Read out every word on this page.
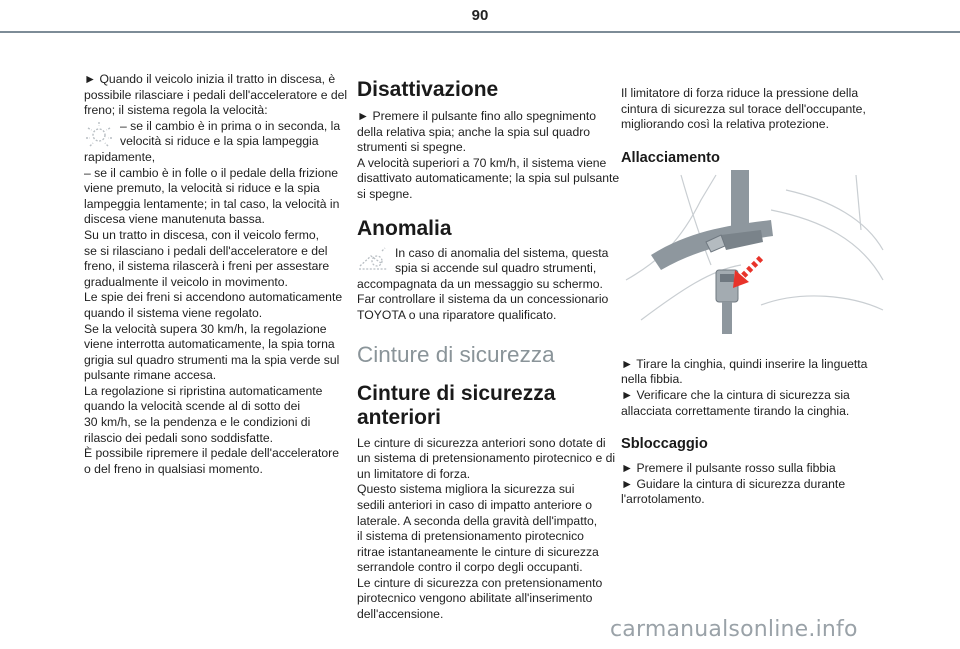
90

► Quando il veicolo inizia il tratto in discesa, è
possibile rilasciare i pedali dell'acceleratore e del
freno; il sistema regola la velocità:

– se il cambio è in prima o in seconda, la
velocità si riduce e la spia lampeggia

rapidamente,
– se il cambio è in folle o il pedale della frizione
viene premuto, la velocità si riduce e la spia
lampeggia lentamente; in tal caso, la velocità in
discesa viene manutenuta bassa.
Su un tratto in discesa, con il veicolo fermo,
se si rilasciano i pedali dell'acceleratore e del
freno, il sistema rilascerà i freni per assestare
gradualmente il veicolo in movimento.
Le spie dei freni si accendono automaticamente
quando il sistema viene regolato.
Se la velocità supera 30 km/h, la regolazione
viene interrotta automaticamente, la spia torna
grigia sul quadro strumenti ma la spia verde sul
pulsante rimane accesa.
La regolazione si ripristina automaticamente
quando la velocità scende al di sotto dei
30 km/h, se la pendenza e le condizioni di
rilascio dei pedali sono soddisfatte.
È possibile ripremere il pedale dell'acceleratore
o del freno in qualsiasi momento.

Disattivazione

► Premere il pulsante fino allo spegnimento
della relativa spia; anche la spia sul quadro
strumenti si spegne.
A velocità superiori a 70 km/h, il sistema viene
disattivato automaticamente; la spia sul pulsante
si spegne.

Anomalia

In caso di anomalia del sistema, questa
spia si accende sul quadro strumenti,

accompagnata da un messaggio su schermo.
Far controllare il sistema da un concessionario
TOYOTA o una riparatore qualificato.

Cinture di sicurezza
Cinture di sicurezza
anteriori

Le cinture di sicurezza anteriori sono dotate di
un sistema di pretensionamento pirotecnico e di
un limitatore di forza.
Questo sistema migliora la sicurezza sui
sedili anteriori in caso di impatto anteriore o
laterale. A seconda della gravità dell'impatto,
il sistema di pretensionamento pirotecnico
ritrae istantaneamente le cinture di sicurezza
serrandole contro il corpo degli occupanti.
Le cinture di sicurezza con pretensionamento
pirotecnico vengono abilitate all'inserimento
dell'accensione.

Il limitatore di forza riduce la pressione della
cintura di sicurezza sul torace dell'occupante,
migliorando così la relativa protezione.

Allacciamento

► Tirare la cinghia, quindi inserire la linguetta
nella fibbia.
► Verificare che la cintura di sicurezza sia
allacciata correttamente tirando la cinghia.

Sbloccaggio

► Premere il pulsante rosso sulla fibbia
► Guidare la cintura di sicurezza durante
l'arrotolamento.

carmanualsonline.info
